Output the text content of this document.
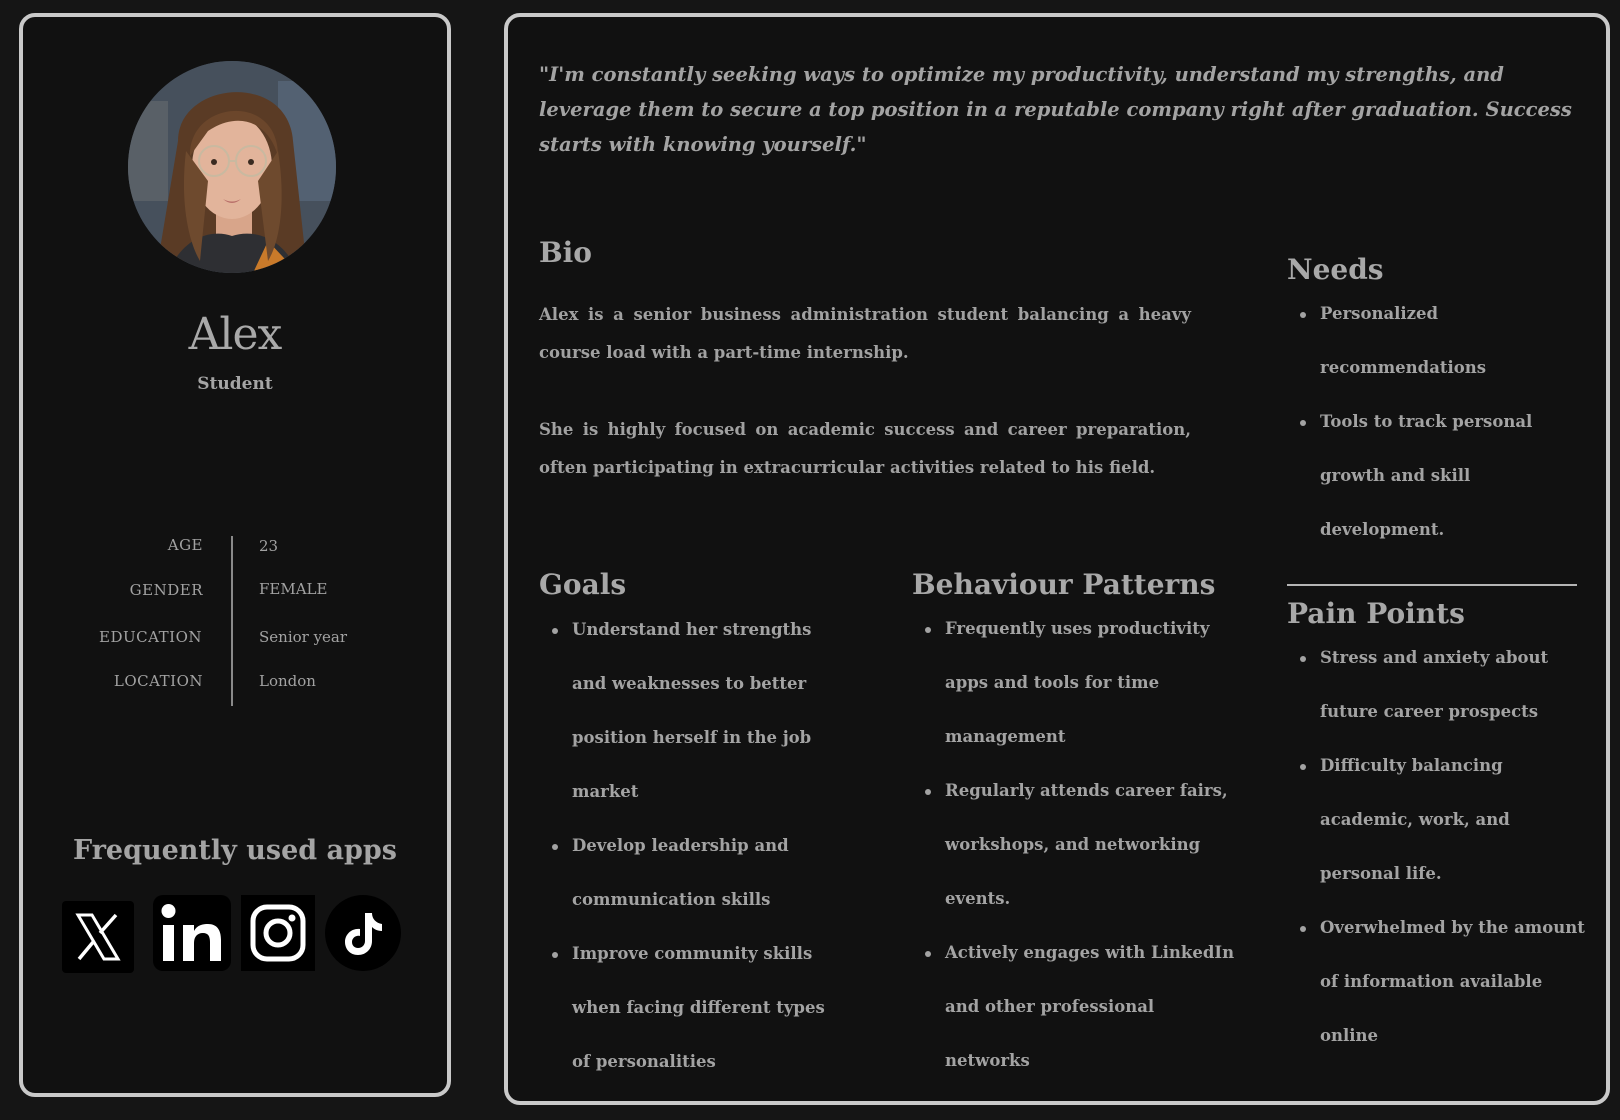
Alex
Student
AGE	23
GENDER	FEMALE
EDUCATION	Senior year
LOCATION	London
Frequently used apps
"I'm constantly seeking ways to optimize my productivity, understand my strengths, and leverage them to secure a top position in a reputable company right after graduation. Success starts with knowing yourself."
Bio
Alex is a senior business administration student balancing a heavy course load with a part-time internship.
She is highly focused on academic success and career preparation, often participating in extracurricular activities related to his field.
Needs
Personalized recommendations
Tools to track personal growth and skill development.
Pain Points
Stress and anxiety about future career prospects
Difficulty balancing academic, work, and personal life.
Overwhelmed by the amount of information available online
Goals
Understand her strengths and weaknesses to better position herself in the job market
Develop leadership and communication skills
Improve community skills when facing different types of personalities
Behaviour Patterns
Frequently uses productivity apps and tools for time management
Regularly attends career fairs, workshops, and networking events.
Actively engages with LinkedIn and other professional networks
